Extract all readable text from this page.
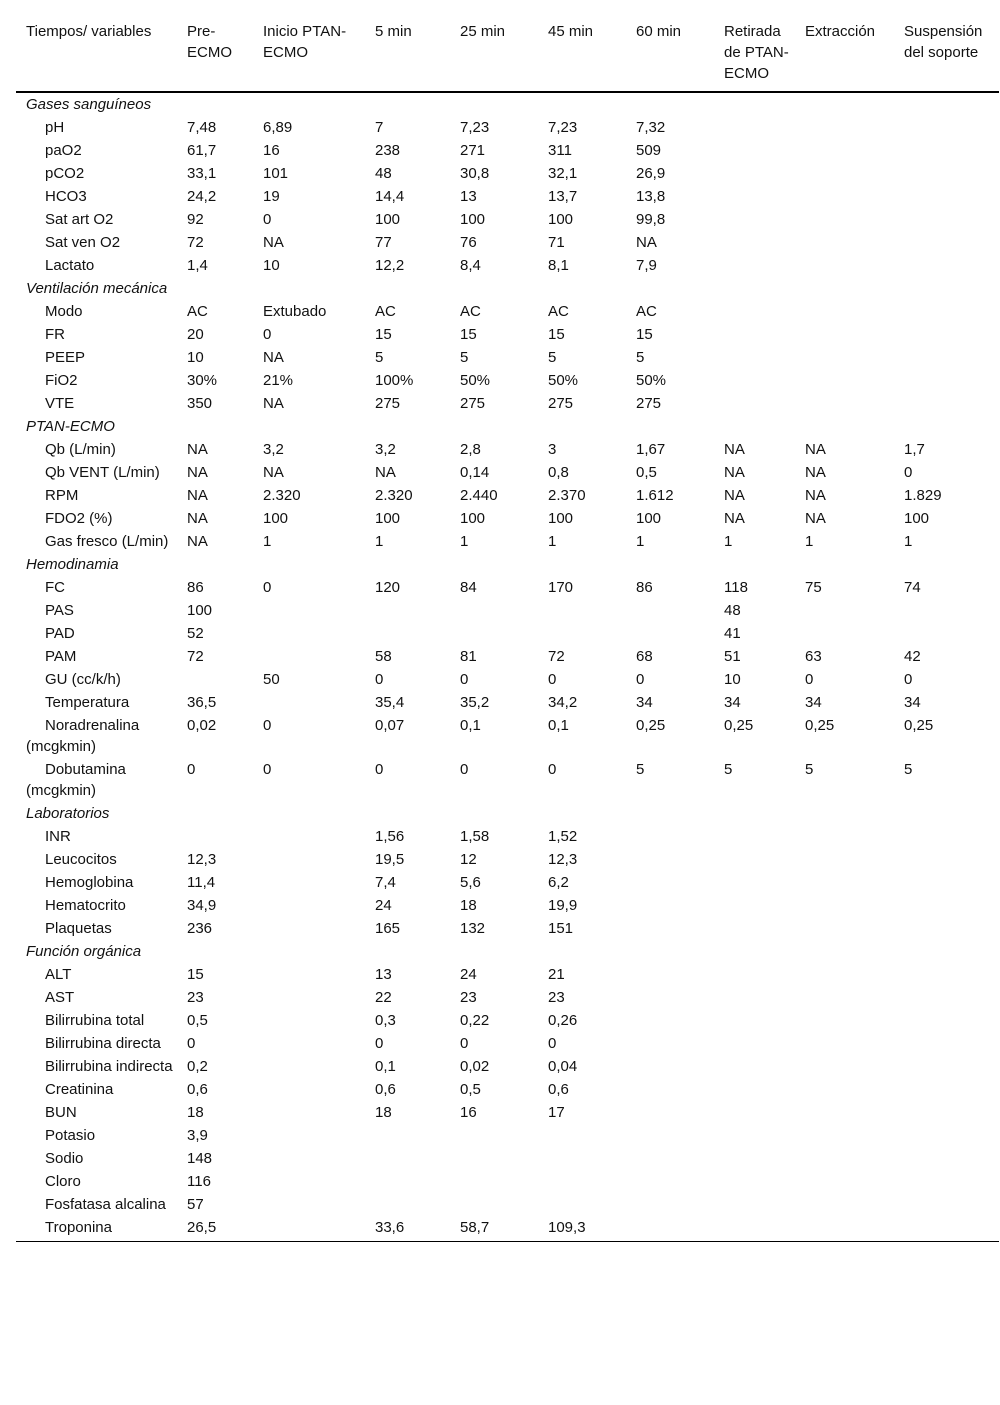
Tiempos/ variables	Pre-ECMO	Inicio PTAN-ECMO	5 min	25 min	45 min	60 min	Retirada de PTAN-ECMO	Extracción	Suspensión del soporte
Gases sanguíneos									
pH	7,48	6,89	7	7,23	7,23	7,32			
paO2	61,7	16	238	271	311	509			
pCO2	33,1	101	48	30,8	32,1	26,9			
HCO3	24,2	19	14,4	13	13,7	13,8			
Sat art O2	92	0	100	100	100	99,8			
Sat ven O2	72	NA	77	76	71	NA			
Lactato	1,4	10	12,2	8,4	8,1	7,9			
Ventilación mecánica									
Modo	AC	Extubado	AC	AC	AC	AC			
FR	20	0	15	15	15	15			
PEEP	10	NA	5	5	5	5			
FiO2	30%	21%	100%	50%	50%	50%			
VTE	350	NA	275	275	275	275			
PTAN-ECMO									
Qb (L/min)	NA	3,2	3,2	2,8	3	1,67	NA	NA	1,7
Qb VENT (L/min)	NA	NA	NA	0,14	0,8	0,5	NA	NA	0
RPM	NA	2.320	2.320	2.440	2.370	1.612	NA	NA	1.829
FDO2 (%)	NA	100	100	100	100	100	NA	NA	100
Gas fresco (L/min)	NA	1	1	1	1	1	1	1	1
Hemodinamia									
FC	86	0	120	84	170	86	118	75	74
PAS	100						48		
PAD	52						41		
PAM	72		58	81	72	68	51	63	42
GU (cc/k/h)		50	0	0	0	0	10	0	0
Temperatura	36,5		35,4	35,2	34,2	34	34	34	34
Noradrenalina (mcgkmin)	0,02	0	0,07	0,1	0,1	0,25	0,25	0,25	0,25
Dobutamina (mcgkmin)	0	0	0	0	0	5	5	5	5
Laboratorios									
INR			1,56	1,58	1,52				
Leucocitos	12,3		19,5	12	12,3				
Hemoglobina	11,4		7,4	5,6	6,2				
Hematocrito	34,9		24	18	19,9				
Plaquetas	236		165	132	151				
Función orgánica									
ALT	15		13	24	21				
AST	23		22	23	23				
Bilirrubina total	0,5		0,3	0,22	0,26				
Bilirrubina directa	0		0	0	0				
Bilirrubina indirecta	0,2		0,1	0,02	0,04				
Creatinina	0,6		0,6	0,5	0,6				
BUN	18		18	16	17				
Potasio	3,9								
Sodio	148								
Cloro	116								
Fosfatasa alcalina	57								
Troponina	26,5		33,6	58,7	109,3				
